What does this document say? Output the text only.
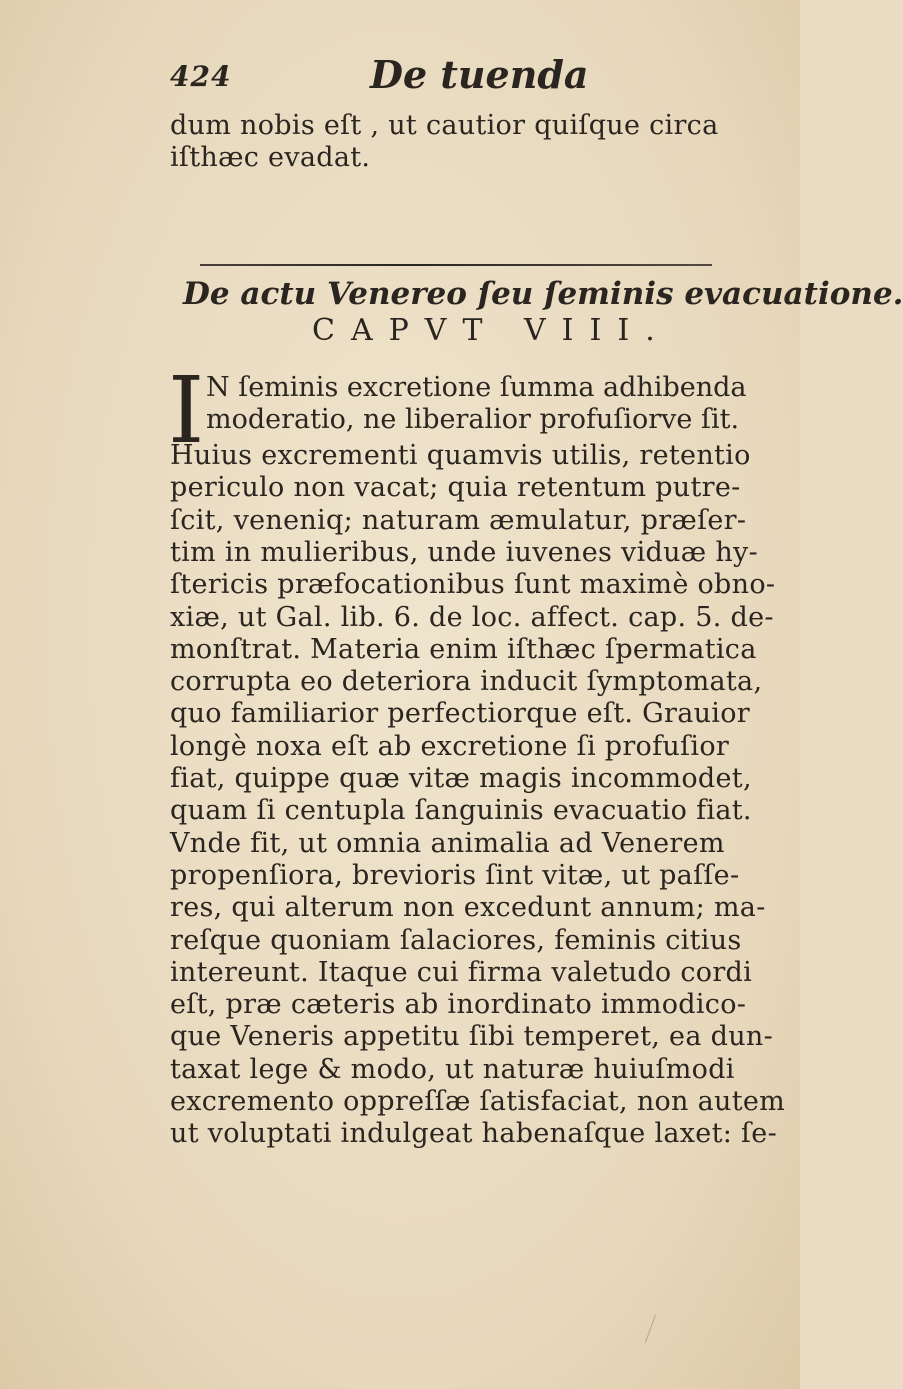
424	De tuenda
dum nobis eſt , ut cautior quiſque circa
iſthæc evadat.
De actu Venereo ſeu ſeminis evacuatione.
CAPVT VIII.
I N ſeminis excretione ſumma adhibenda
moderatio, ne liberalior profuſiorve ſit.
Huius excrementi quamvis utilis, retentio
periculo non vacat; quia retentum putre-
ſcit, veneniq; naturam æmulatur, præſer-
tim in mulieribus, unde iuvenes viduæ hy-
ſtericis præfocationibus ſunt maximè obno-
xiæ, ut Gal. lib. 6. de loc. affect. cap. 5. de-
monſtrat. Materia enim iſthæc ſpermatica
corrupta eo deteriora inducit ſymptomata,
quo familiarior perfectiorque eſt. Grauior
longè noxa eſt ab excretione ſi profuſior
fiat, quippe quæ vitæ magis incommodet,
quam ſi centupla ſanguinis evacuatio fiat.
Vnde fit, ut omnia animalia ad Venerem
propenſiora, brevioris ſint vitæ, ut paſſe-
res, qui alterum non excedunt annum; ma-
reſque quoniam ſalaciores, feminis citius
intereunt. Itaque cui firma valetudo cordi
eſt, præ cæteris ab inordinato immodico-
que Veneris appetitu ſibi temperet, ea dun-
taxat lege & modo, ut naturæ huiuſmodi
excremento oppreſſæ ſatisfaciat, non autem
ut voluptati indulgeat habenaſque laxet: ſe-
